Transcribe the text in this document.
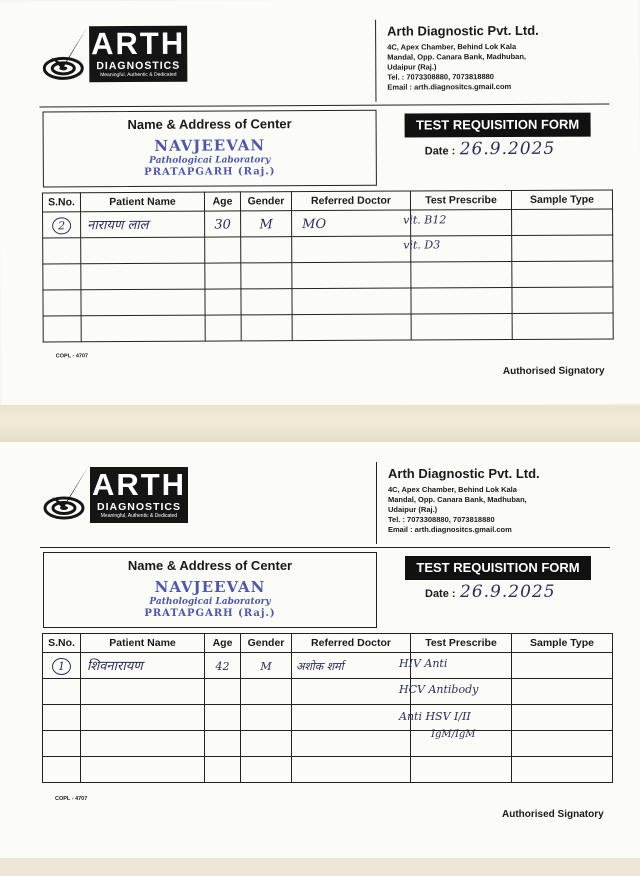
ARTH
DIAGNOSTICS
Meaningful, Authentic & Dedicated
Arth Diagnostic Pvt. Ltd.
4C, Apex Chamber, Behind Lok Kala
Mandal, Opp. Canara Bank, Madhuban,
Udaipur (Raj.)
Tel. : 7073308880, 7073818880
Email : arth.diagnositcs.gmail.com
Name & Address of Center
NAVJEEVAN
Pathologicai Laboratory
PRATAPGARH (Raj.)
TEST REQUISITION FORM
Date : 26.9.2025
S.No.	Patient Name	Age	Gender	Referred Doctor	Test Prescribe	Sample Type
2	नारायण लाल	30	M	MO	vit. B12	

					vit. D3	

COPL - 4707
Authorised Signatory
ARTH
DIAGNOSTICS
Meaningful, Authentic & Dedicated
Arth Diagnostic Pvt. Ltd.
4C, Apex Chamber, Behind Lok Kala
Mandal, Opp. Canara Bank, Madhuban,
Udaipur (Raj.)
Tel. : 7073308880, 7073818880
Email : arth.diagnositcs.gmail.com
Name & Address of Center
NAVJEEVAN
Pathologicai Laboratory
PRATAPGARH (Raj.)
TEST REQUISITION FORM
Date : 26.9.2025
S.No.	Patient Name	Age	Gender	Referred Doctor	Test Prescribe	Sample Type
1	शिवनारायण	42	M	अशोक शर्मा	HIV Anti	

					HCV Antibody	

					Anti HSV I/II	

					IgM/IgM	

COPL - 4707
Authorised Signatory
